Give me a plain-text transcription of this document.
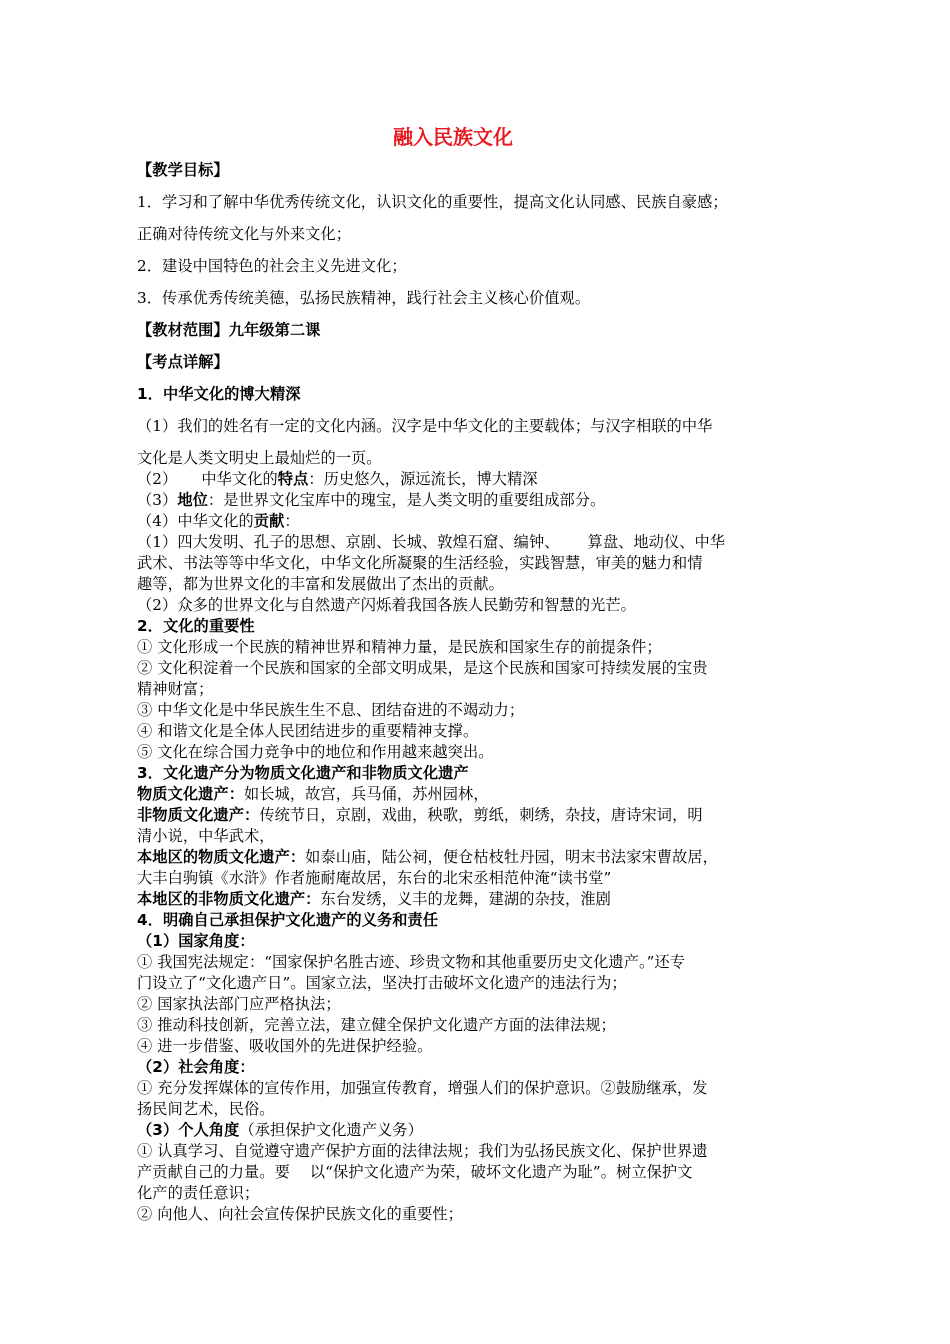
融入民族文化
【教学目标】
1．学习和了解中华优秀传统文化，认识文化的重要性，提高文化认同感、民族自豪感；
正确对待传统文化与外来文化；
2．建设中国特色的社会主义先进文化；
3．传承优秀传统美德，弘扬民族精神，践行社会主义核心价值观。
【教材范围】九年级第二课
【考点详解】
1．中华文化的博大精深
（1）我们的姓名有一定的文化内涵。汉字是中华文化的主要载体；与汉字相联的中华
文化是人类文明史上最灿烂的一页。
（2） 中华文化的特点：历史悠久，源远流长，博大精深
（3）地位：是世界文化宝库中的瑰宝，是人类文明的重要组成部分。
（4）中华文化的贡献：
（1）四大发明、孔子的思想、京剧、长城、敦煌石窟、编钟、 算盘、地动仪、中华
武术、书法等等中华文化，中华文化所凝聚的生活经验，实践智慧，审美的魅力和情
趣等，都为世界文化的丰富和发展做出了杰出的贡献。
（2）众多的世界文化与自然遗产闪烁着我国各族人民勤劳和智慧的光芒。
2．文化的重要性
① 文化形成一个民族的精神世界和精神力量，是民族和国家生存的前提条件；
② 文化积淀着一个民族和国家的全部文明成果，是这个民族和国家可持续发展的宝贵
精神财富；
③ 中华文化是中华民族生生不息、团结奋进的不竭动力；
④ 和谐文化是全体人民团结进步的重要精神支撑。
⑤ 文化在综合国力竞争中的地位和作用越来越突出。
3．文化遗产分为物质文化遗产和非物质文化遗产
物质文化遗产：如长城，故宫，兵马俑，苏州园林，
非物质文化遗产：传统节日，京剧，戏曲，秧歌，剪纸，刺绣，杂技，唐诗宋词，明
清小说，中华武术，
本地区的物质文化遗产：如泰山庙，陆公祠，便仓枯枝牡丹园，明末书法家宋曹故居，
大丰白驹镇《水浒》作者施耐庵故居，东台的北宋丞相范仲淹“读书堂”
本地区的非物质文化遗产：东台发绣，义丰的龙舞，建湖的杂技，淮剧
4．明确自己承担保护文化遗产的义务和责任
（1）国家角度：
① 我国宪法规定：“国家保护名胜古迹、珍贵文物和其他重要历史文化遗产。”还专
门设立了“文化遗产日”。国家立法，坚决打击破坏文化遗产的违法行为；
② 国家执法部门应严格执法；
③ 推动科技创新，完善立法，建立健全保护文化遗产方面的法律法规；
④ 进一步借鉴、吸收国外的先进保护经验。
（2）社会角度：
① 充分发挥媒体的宣传作用，加强宣传教育，增强人们的保护意识。②鼓励继承，发
扬民间艺术，民俗。
（3）个人角度（承担保护文化遗产义务）
① 认真学习、自觉遵守遗产保护方面的法律法规；我们为弘扬民族文化、保护世界遗
产贡献自己的力量。要 以“保护文化遗产为荣，破坏文化遗产为耻”。树立保护文
化产的责任意识；
② 向他人、向社会宣传保护民族文化的重要性；
